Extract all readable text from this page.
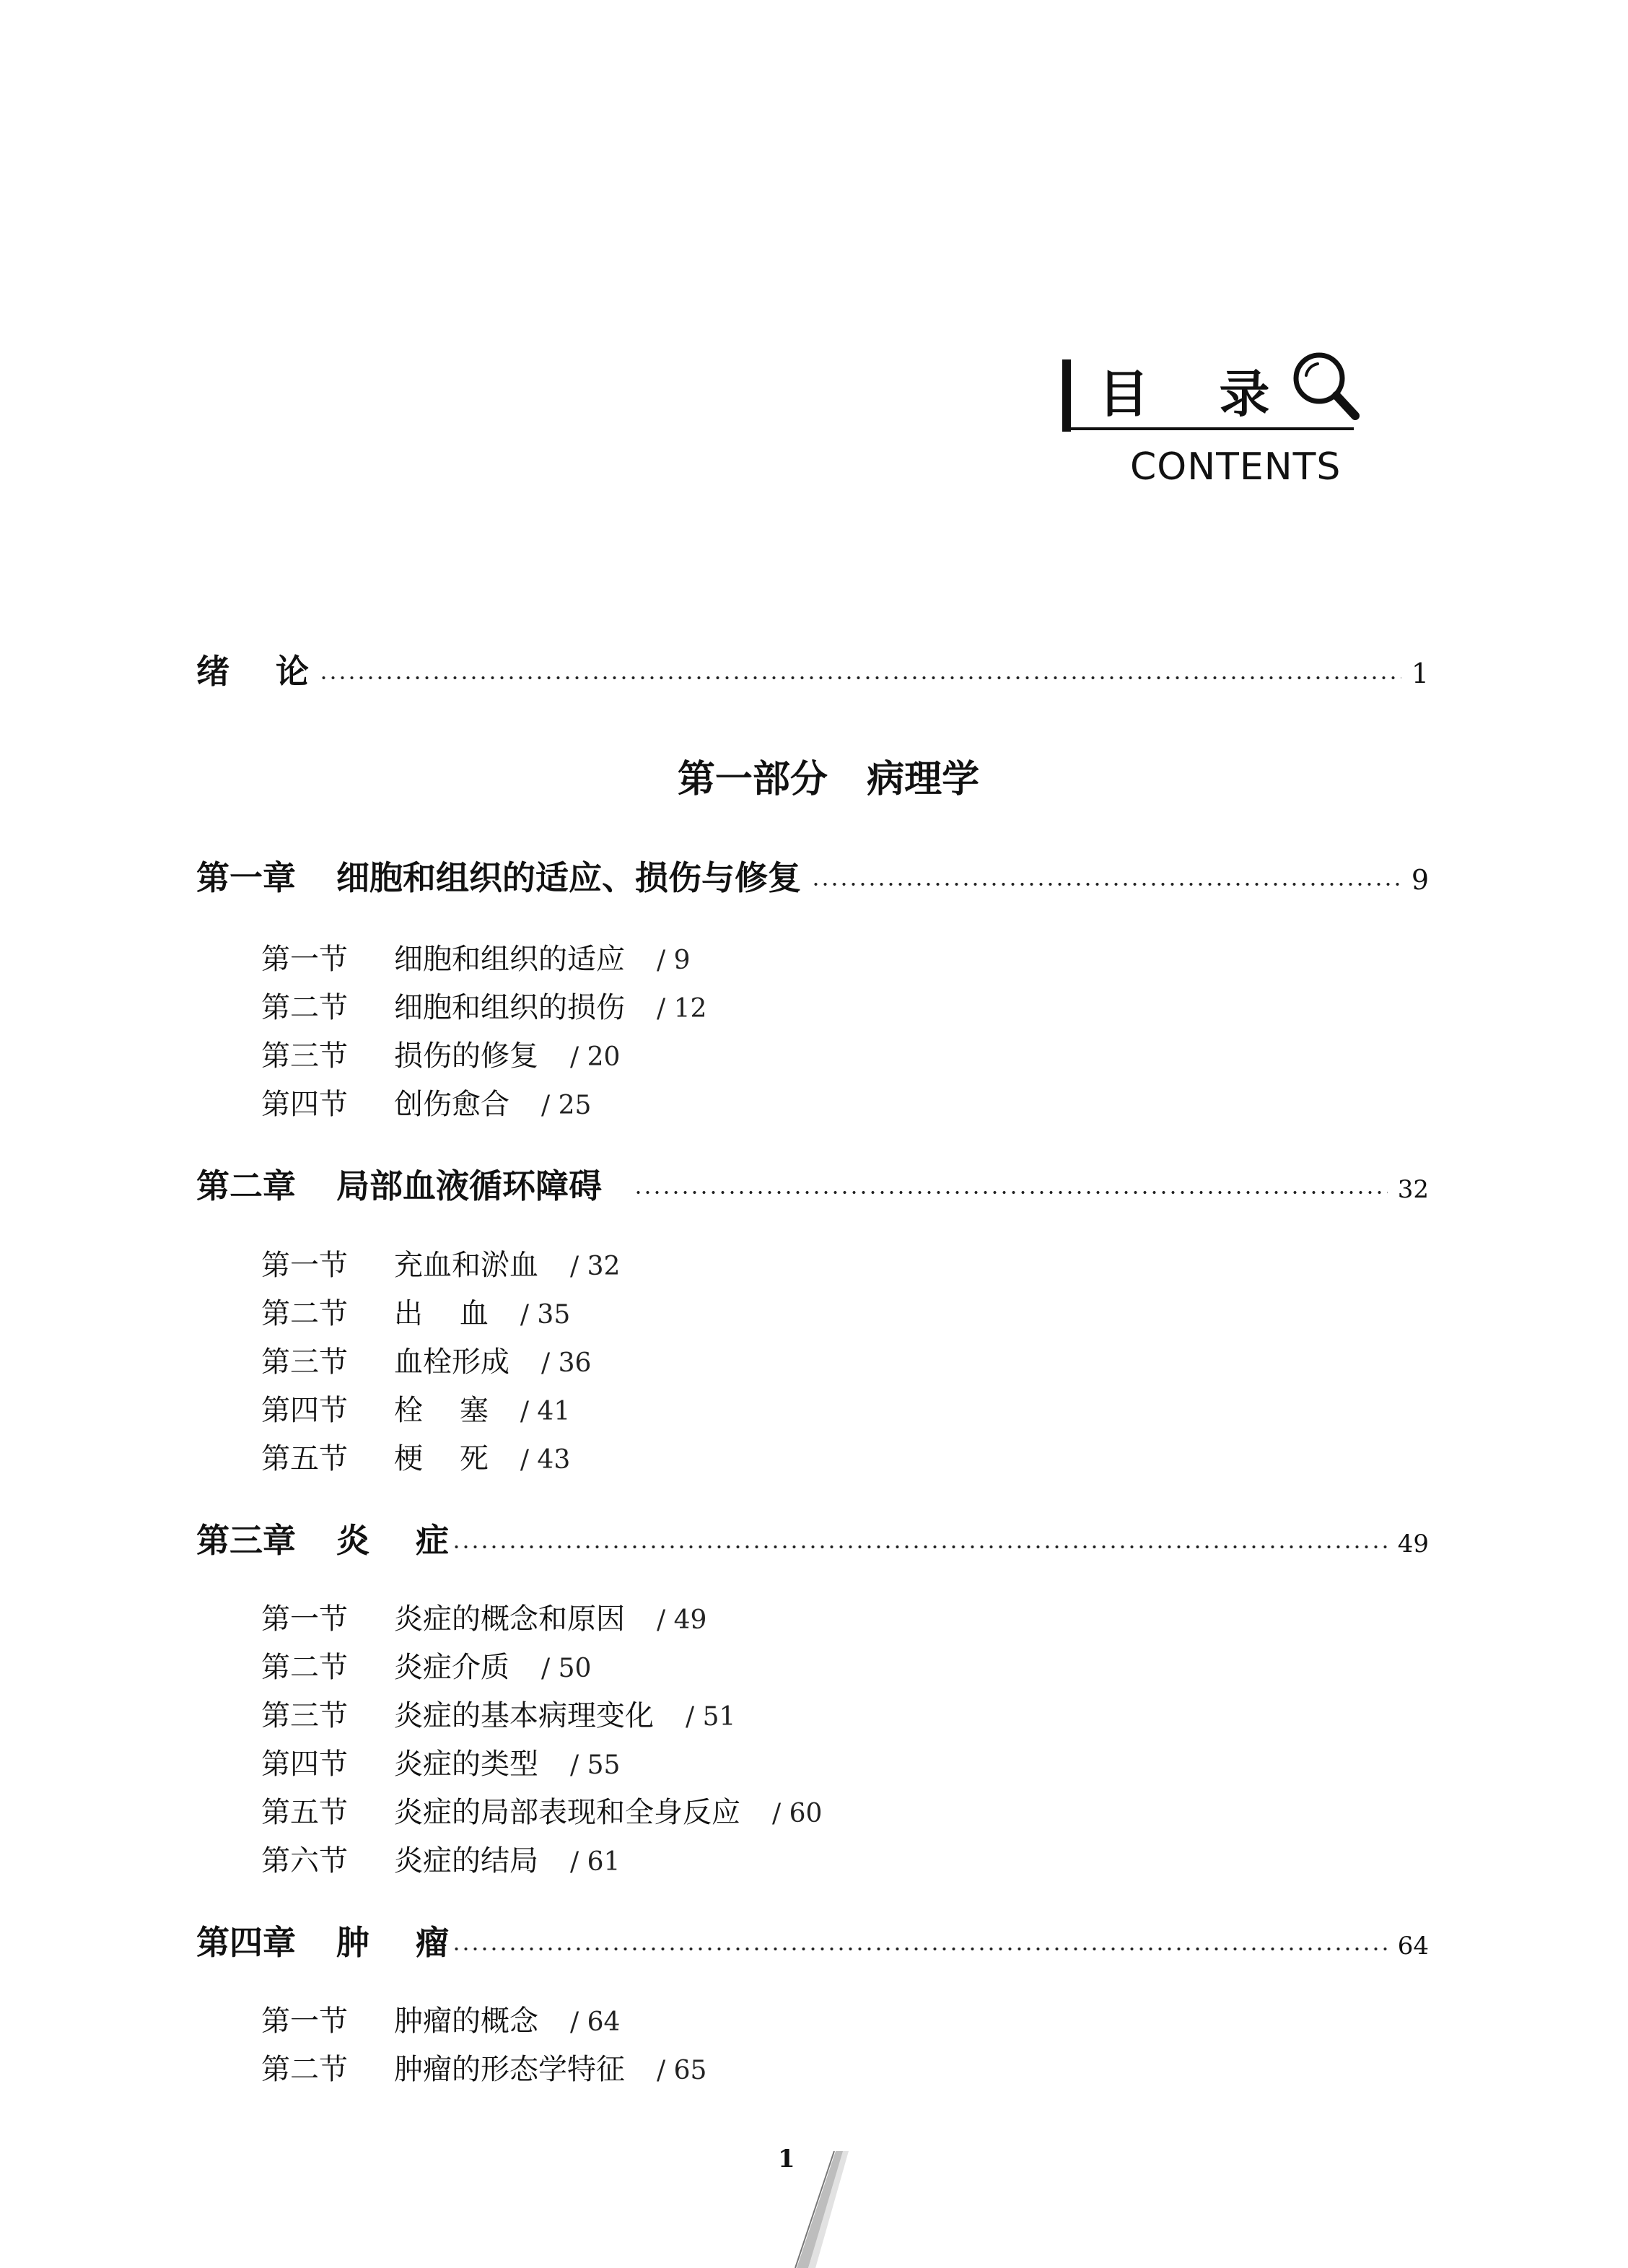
目    录
CONTENTS
绪    论	1
第一部分   病理学
第一章 细胞和组织的适应、损伤与修复	9
第一节	细胞和组织的适应 / 9
第二节	细胞和组织的损伤 / 12
第三节	损伤的修复 / 20
第四节	创伤愈合 / 25
第二章 局部血液循环障碍	32
第一节	充血和淤血 / 32
第二节	出    血 / 35
第三节	血栓形成 / 36
第四节	栓    塞 / 41
第五节	梗    死 / 43
第三章 炎    症	49
第一节	炎症的概念和原因 / 49
第二节	炎症介质 / 50
第三节	炎症的基本病理变化 / 51
第四节	炎症的类型 / 55
第五节	炎症的局部表现和全身反应 / 60
第六节	炎症的结局 / 61
第四章 肿    瘤	64
第一节	肿瘤的概念 / 64
第二节	肿瘤的形态学特征 / 65
1
